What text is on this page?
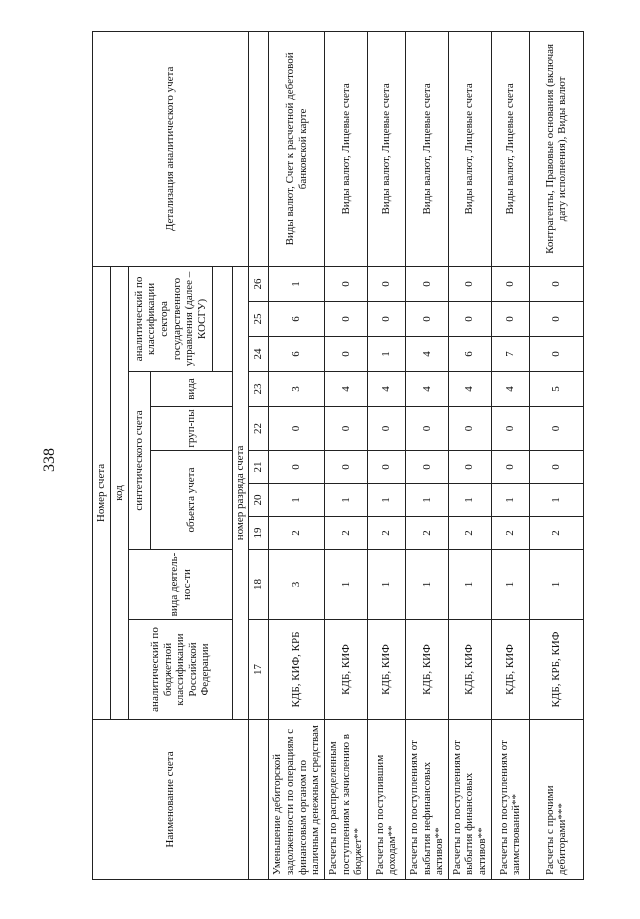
338
Наименование счета	Номер счета										Детализация аналитического учета
	код										
	аналитический по бюджетной классификации Российской Федерации	вида деятель-нос-ти	синтетического счета					аналитический по классификации сектора государственного управления (далее – КОСГУ)			
			объекта учета			груп-пы	вида				

	номер разряда счета										
	17	18	19	20	21	22	23	24	25	26	
Уменьшение дебиторской задолженности по операциям с финансовым органом по наличным денежным средствам	КДБ, КИФ, КРБ	3	2	1	0	0	3	6	6	1	Виды валют, Счет к расчетной дебетовой банковской карте
Расчеты по распределенным поступлениям к зачислению в бюджет**	КДБ, КИФ	1	2	1	0	0	4	0	0	0	Виды валют, Лицевые счета
Расчеты по поступившим доходам**	КДБ, КИФ	1	2	1	0	0	4	1	0	0	Виды валют, Лицевые счета
Расчеты по поступлениям от выбытия нефинансовых активов**	КДБ, КИФ	1	2	1	0	0	4	4	0	0	Виды валют, Лицевые счета
Расчеты по поступлениям от выбытия финансовых активов**	КДБ, КИФ	1	2	1	0	0	4	6	0	0	Виды валют, Лицевые счета
Расчеты по поступлениям от заимствований**	КДБ, КИФ	1	2	1	0	0	4	7	0	0	Виды валют, Лицевые счета
Расчеты с прочими дебиторами***	КДБ, КРБ, КИФ	1	2	1	0	0	5	0	0	0	Контрагенты, Правовые основания (включая дату исполнения), Виды валют
